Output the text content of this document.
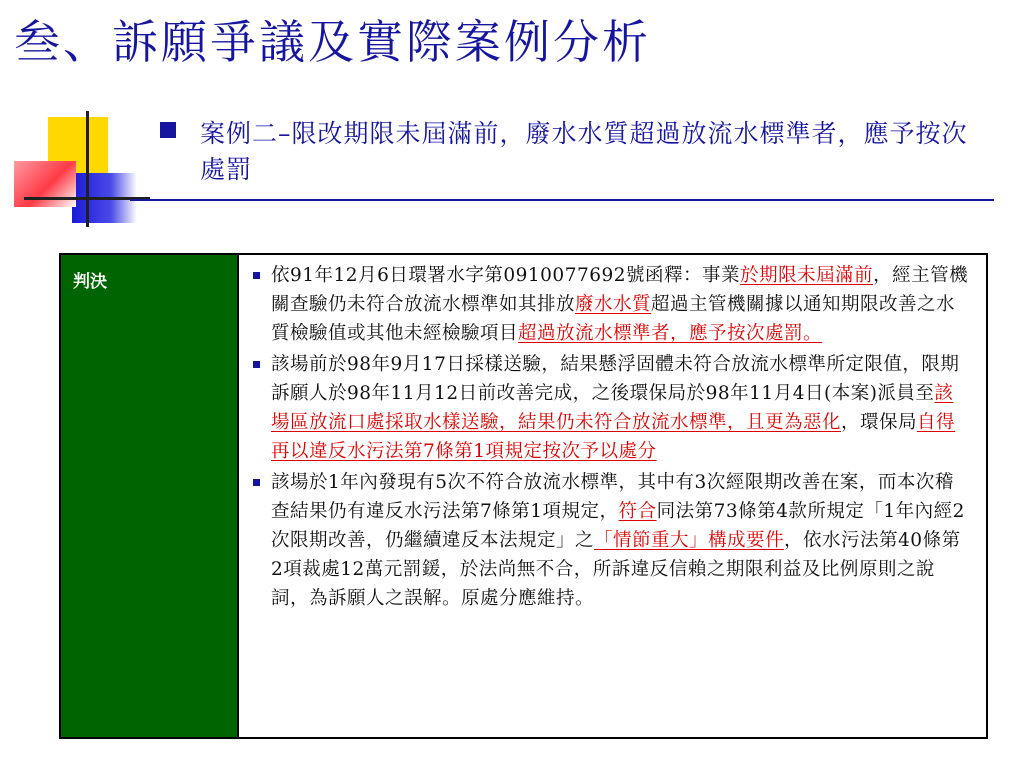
叁、訴願爭議及實際案例分析
案例二–限改期限未屆滿前，廢水水質超過放流水標準者，應予按次處罰
判決	依91年12月6日環署水字第0910077692號函釋：事業於期限未屆滿前，經主管機關查驗仍未符合放流水標準如其排放廢水水質超過主管機關據以通知期限改善之水質檢驗值或其他未經檢驗項目超過放流水標準者，應予按次處罰。
該場前於98年9月17日採樣送驗，結果懸浮固體未符合放流水標準所定限值，限期訴願人於98年11月12日前改善完成，之後環保局於98年11月4日(本案)派員至該場區放流口處採取水樣送驗，結果仍未符合放流水標準，且更為惡化，環保局自得再以違反水污法第7條第1項規定按次予以處分
該場於1年內發現有5次不符合放流水標準，其中有3次經限期改善在案，而本次稽查結果仍有違反水污法第7條第1項規定，符合同法第73條第4款所規定「1年內經2次限期改善，仍繼續違反本法規定」之「情節重大」構成要件，依水污法第40條第2項裁處12萬元罰鍰，於法尚無不合，所訴違反信賴之期限利益及比例原則之說詞，為訴願人之誤解。原處分應維持。
